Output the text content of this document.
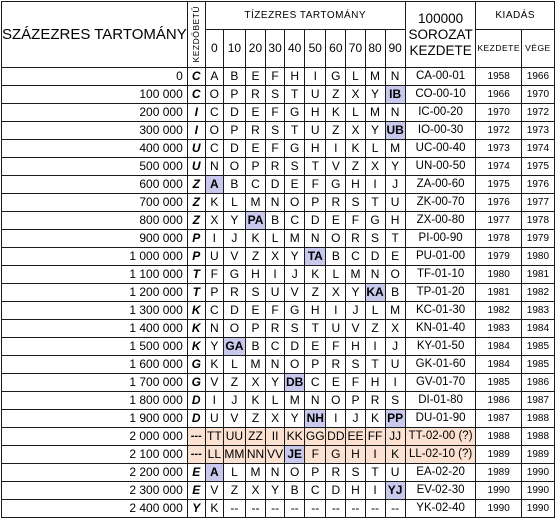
SZÁZEZRES TARTOMÁNY	KEZDŐBETŰ	TÍZEZRES TARTOMÁNY										100000 SOROZAT KEZDETE	KIADÁS	
		0	10	20	30	40	50	60	70	80	90		KEZDETE	VÉGE
0	C	A	B	E	F	H	I	G	L	M	N	CA-00-01	1958	1966
100 000	C	O	P	R	S	T	U	Z	X	Y	IB	CO-00-10	1966	1970
200 000	I	C	D	E	F	G	H	K	L	M	N	IC-00-20	1970	1972
300 000	I	O	P	R	S	T	U	Z	X	Y	UB	IO-00-30	1972	1973
400 000	U	C	D	E	F	G	H	I	K	L	M	UC-00-40	1973	1974
500 000	U	N	O	P	R	S	T	V	Z	X	Y	UN-00-50	1974	1975
600 000	Z	A	B	C	D	E	F	G	H	I	J	ZA-00-60	1975	1976
700 000	Z	K	L	M	N	O	P	R	S	T	U	ZK-00-70	1976	1977
800 000	Z	X	Y	PA	B	C	D	E	F	G	H	ZX-00-80	1977	1978
900 000	P	I	J	K	L	M	N	O	R	S	T	PI-00-90	1978	1979
1 000 000	P	U	V	Z	X	Y	TA	B	C	D	E	PU-01-00	1979	1980
1 100 000	T	F	G	H	I	J	K	L	M	N	O	TF-01-10	1980	1981
1 200 000	T	P	R	S	U	V	Z	X	Y	KA	B	TP-01-20	1981	1982
1 300 000	K	C	D	E	F	G	H	I	J	L	M	KC-01-30	1982	1983
1 400 000	K	N	O	P	R	S	T	U	V	Z	X	KN-01-40	1983	1984
1 500 000	K	Y	GA	B	C	D	E	F	H	I	J	KY-01-50	1984	1985
1 600 000	G	K	L	M	N	O	P	R	S	T	U	GK-01-60	1984	1985
1 700 000	G	V	Z	X	Y	DB	C	E	F	H	I	GV-01-70	1985	1986
1 800 000	D	I	J	K	L	M	N	O	P	R	S	DI-01-80	1986	1987
1 900 000	D	U	V	Z	X	Y	NH	I	J	K	PP	DU-01-90	1987	1988
2 000 000	---	TT	UU	ZZ	II	KK	GG	DD	EE	FF	JJ	TT-02-00 (?)	1988	1988
2 100 000	---	LL	MM	NN	VV	JE	F	G	H	I	K	LL-02-10 (?)	1989	1989
2 200 000	E	A	L	M	N	O	P	R	S	T	U	EA-02-20	1989	1990
2 300 000	E	V	Z	X	Y	B	C	D	H	I	YJ	EV-02-30	1990	1990
2 400 000	Y	K	--	--	--	--	--	--	--	--	--	YK-02-40	1990	1990
